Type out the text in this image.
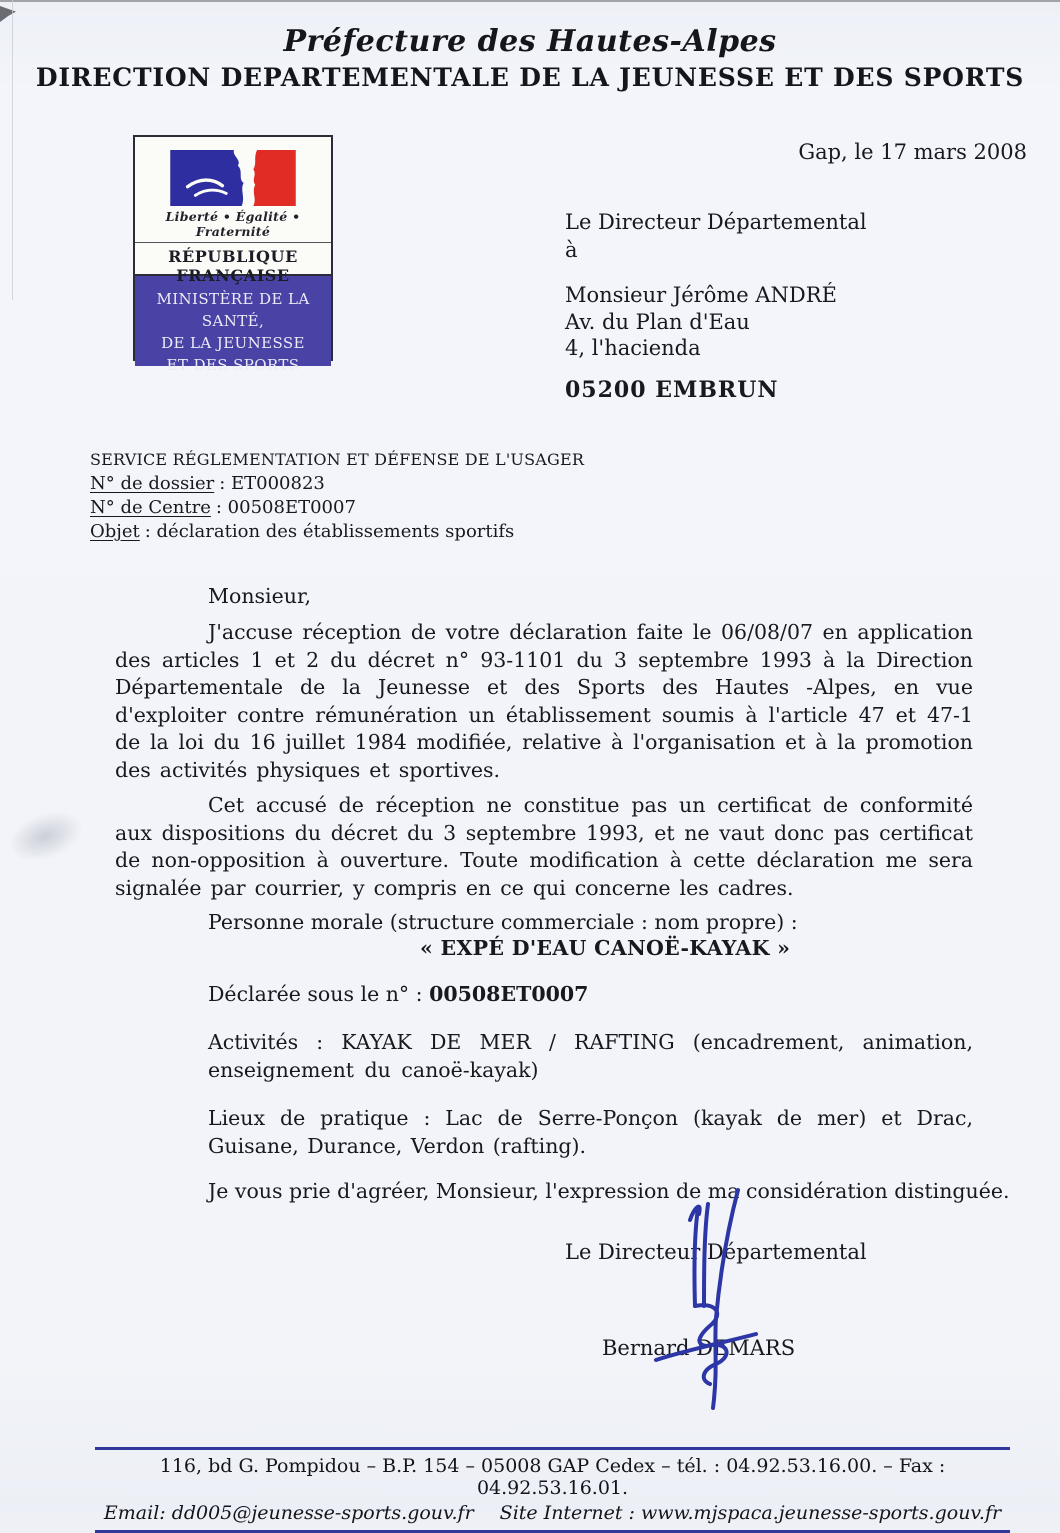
Préfecture des Hautes-Alpes
DIRECTION DEPARTEMENTALE DE LA JEUNESSE ET DES SPORTS
Liberté • Égalité • Fraternité
RÉPUBLIQUE FRANÇAISE
MINISTÈRE DE LA SANTÉ,
DE LA JEUNESSE
ET DES SPORTS
Gap, le 17 mars 2008
Le Directeur Départemental
à
Monsieur Jérôme ANDRÉ
Av. du Plan d'Eau
4, l'hacienda
05200 EMBRUN
SERVICE RÉGLEMENTATION ET DÉFENSE DE L'USAGER
N° de dossier : ET000823
N° de Centre : 00508ET0007
Objet : déclaration des établissements sportifs
Monsieur,
J'accuse réception de votre déclaration faite le 06/08/07 en application des articles 1 et 2 du décret n° 93-1101 du 3 septembre 1993 à la Direction Départementale de la Jeunesse et des Sports des Hautes -Alpes, en vue d'exploiter contre rémunération un établissement soumis à l'article 47 et 47-1 de la loi du 16 juillet 1984 modifiée, relative à l'organisation et à la promotion des activités physiques et sportives.
Cet accusé de réception ne constitue pas un certificat de conformité aux dispositions du décret du 3 septembre 1993, et ne vaut donc pas certificat de non-opposition à ouverture. Toute modification à cette déclaration me sera signalée par courrier, y compris en ce qui concerne les cadres.
Personne morale (structure commerciale : nom propre) :
« EXPÉ D'EAU CANOË-KAYAK »
Déclarée sous le n° : 00508ET0007
Activités : KAYAK DE MER / RAFTING (encadrement, animation, enseignement du canoë-kayak)
Lieux de pratique : Lac de Serre-Ponçon (kayak de mer) et Drac, Guisane, Durance, Verdon (rafting).
Je vous prie d'agréer, Monsieur, l'expression de ma considération distinguée.
Le Directeur Départemental
Bernard DEMARS
116, bd G. Pompidou – B.P. 154 – 05008 GAP Cedex – tél. : 04.92.53.16.00. – Fax : 04.92.53.16.01.
Email: dd005@jeunesse-sports.gouv.fr Site Internet : www.mjspaca.jeunesse-sports.gouv.fr
